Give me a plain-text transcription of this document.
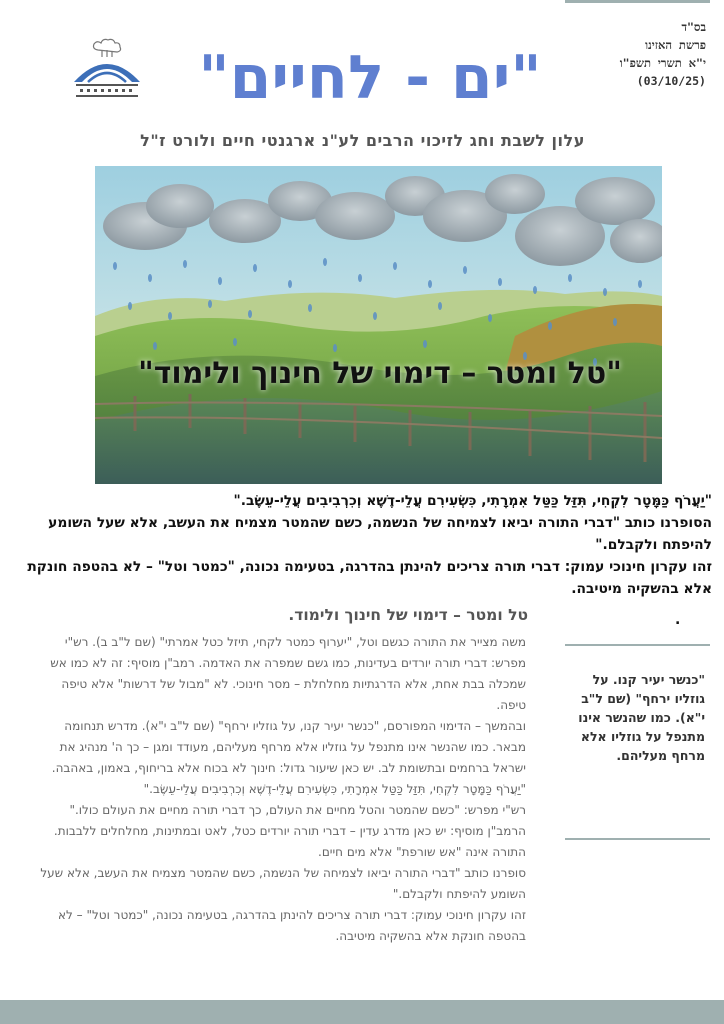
בס"ד
פרשת האזינו
י"א תשרי תשפ"ו
(03/10/25)
"ים - לחיים"
עלון לשבת וחג לזיכוי הרבים לע"נ ארגנטי חיים ולורט ז"ל
"טל ומטר – דימוי של חינוך ולימוד"

"יַעֲרֹף כַּמָּטָר לִקְחִי, תִּזַּל כַּטַּל אִמְרָתִי, כִּשְׂעִירִם עֲלֵי-דֶשֶׁא וְכִרְבִיבִים עֲלֵי-עֵשֶׂב."

הסופרנו כותב "דברי התורה יביאו לצמיחה של הנשמה, כשם שהמטר מצמיח את העשב, אלא שעל השומע להיפתח ולקבלם."

זהו עקרון חינוכי עמוק: דברי תורה צריכים להינתן בהדרגה, בטעימה נכונה, "כמטר וטל" – לא בהטפה חונקת אלא בהשקיה מיטיבה.

.
טל ומטר – דימוי של חינוך ולימוד.

משה מצייר את התורה כגשם וטל, "יערוף כמטר לקחי, תיזל כטל אמרתי" (שם ל"ב ב). רש"י מפרש: דברי תורה יורדים בעדינות, כמו גשם שמפרה את האדמה. רמב"ן מוסיף: זה לא כמו אש שמכלה בבת אחת, אלא הדרגתיות מחלחלת – מסר חינוכי. לא "מבול של דרשות" אלא טיפה טיפה.

ובהמשך – הדימוי המפורסם, "כנשר יעיר קנו, על גוזליו ירחף" (שם ל"ב י"א). מדרש תנחומה מבאר. כמו שהנשר אינו מתנפל על גוזליו אלא מרחף מעליהם, מעודד ומגן – כך ה' מנהיג את ישראל ברחמים ובתשומת לב. יש כאן שיעור גדול: חינוך לא בכוח אלא בריחוף, באמון, באהבה.

"יַעֲרֹף כַּמָּטָר לִקְחִי, תִּזַּל כַּטַּל אִמְרָתִי, כִּשְׂעִירִם עֲלֵי-דֶשֶׁא וְכִרְבִיבִים עֲלֵי-עֵשֶׂב."

רש"י מפרש: "כשם שהמטר והטל מחיים את העולם, כך דברי תורה מחיים את העולם כולו."

הרמב"ן מוסיף: יש כאן מדרג עדין – דברי תורה יורדים כטל, לאט ובמתינות, מחלחלים ללבבות. התורה אינה "אש שורפת" אלא מים חיים.

סופרנו כותב "דברי התורה יביאו לצמיחה של הנשמה, כשם שהמטר מצמיח את העשב, אלא שעל השומע להיפתח ולקבלם."

זהו עקרון חינוכי עמוק: דברי תורה צריכים להינתן בהדרגה, בטעימה נכונה, "כמטר וטל" – לא בהטפה חונקת אלא בהשקיה מיטיבה.

"כנשר יעיר קנו. על גוזליו ירחף" (שם ל"ב י"א). כמו שהנשר אינו מתנפל על גוזליו אלא מרחף מעליהם.
